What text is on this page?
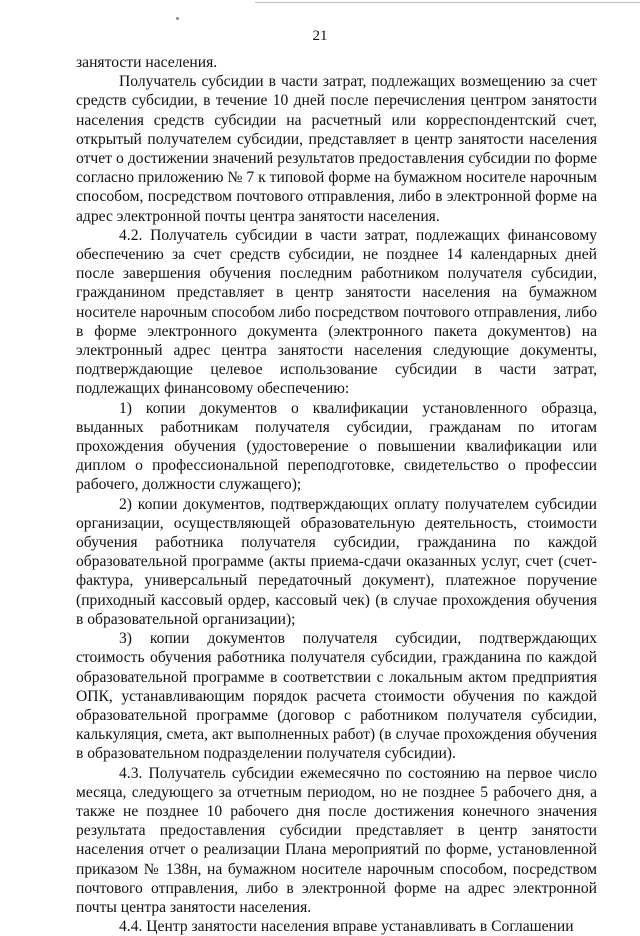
21

занятости населения.

Получатель субсидии в части затрат, подлежащих возмещению за счет средств субсидии, в течение 10 дней после перечисления центром занятости населения средств субсидии на расчетный или корреспондентский счет, открытый получателем субсидии, представляет в центр занятости населения отчет о достижении значений результатов предоставления субсидии по форме согласно приложению № 7 к типовой форме на бумажном носителе нарочным способом, посредством почтового отправления, либо в электронной форме на адрес электронной почты центра занятости населения.

4.2. Получатель субсидии в части затрат, подлежащих финансовому обеспечению за счет средств субсидии, не позднее 14 календарных дней после завершения обучения последним работником получателя субсидии, гражданином представляет в центр занятости населения на бумажном носителе нарочным способом либо посредством почтового отправления, либо в форме электронного документа (электронного пакета документов) на электронный адрес центра занятости населения следующие документы, подтверждающие целевое использование субсидии в части затрат, подлежащих финансовому обеспечению:

1) копии документов о квалификации установленного образца, выданных работникам получателя субсидии, гражданам по итогам прохождения обучения (удостоверение о повышении квалификации или диплом о профессиональной переподготовке, свидетельство о профессии рабочего, должности служащего);

2) копии документов, подтверждающих оплату получателем субсидии организации, осуществляющей образовательную деятельность, стоимости обучения работника получателя субсидии, гражданина по каждой образовательной программе (акты приема-сдачи оказанных услуг, счет (счет-фактура, универсальный передаточный документ), платежное поручение (приходный кассовый ордер, кассовый чек) (в случае прохождения обучения в образовательной организации);

3) копии документов получателя субсидии, подтверждающих стоимость обучения работника получателя субсидии, гражданина по каждой образовательной программе в соответствии с локальным актом предприятия ОПК, устанавливающим порядок расчета стоимости обучения по каждой образовательной программе (договор с работником получателя субсидии, калькуляция, смета, акт выполненных работ) (в случае прохождения обучения в образовательном подразделении получателя субсидии).

4.3. Получатель субсидии ежемесячно по состоянию на первое число месяца, следующего за отчетным периодом, но не позднее 5 рабочего дня, а также не позднее 10 рабочего дня после достижения конечного значения результата предоставления субсидии представляет в центр занятости населения отчет о реализации Плана мероприятий по форме, установленной приказом № 138н, на бумажном носителе нарочным способом, посредством почтового отправления, либо в электронной форме на адрес электронной почты центра занятости населения.

4.4. Центр занятости населения вправе устанавливать в Соглашении
